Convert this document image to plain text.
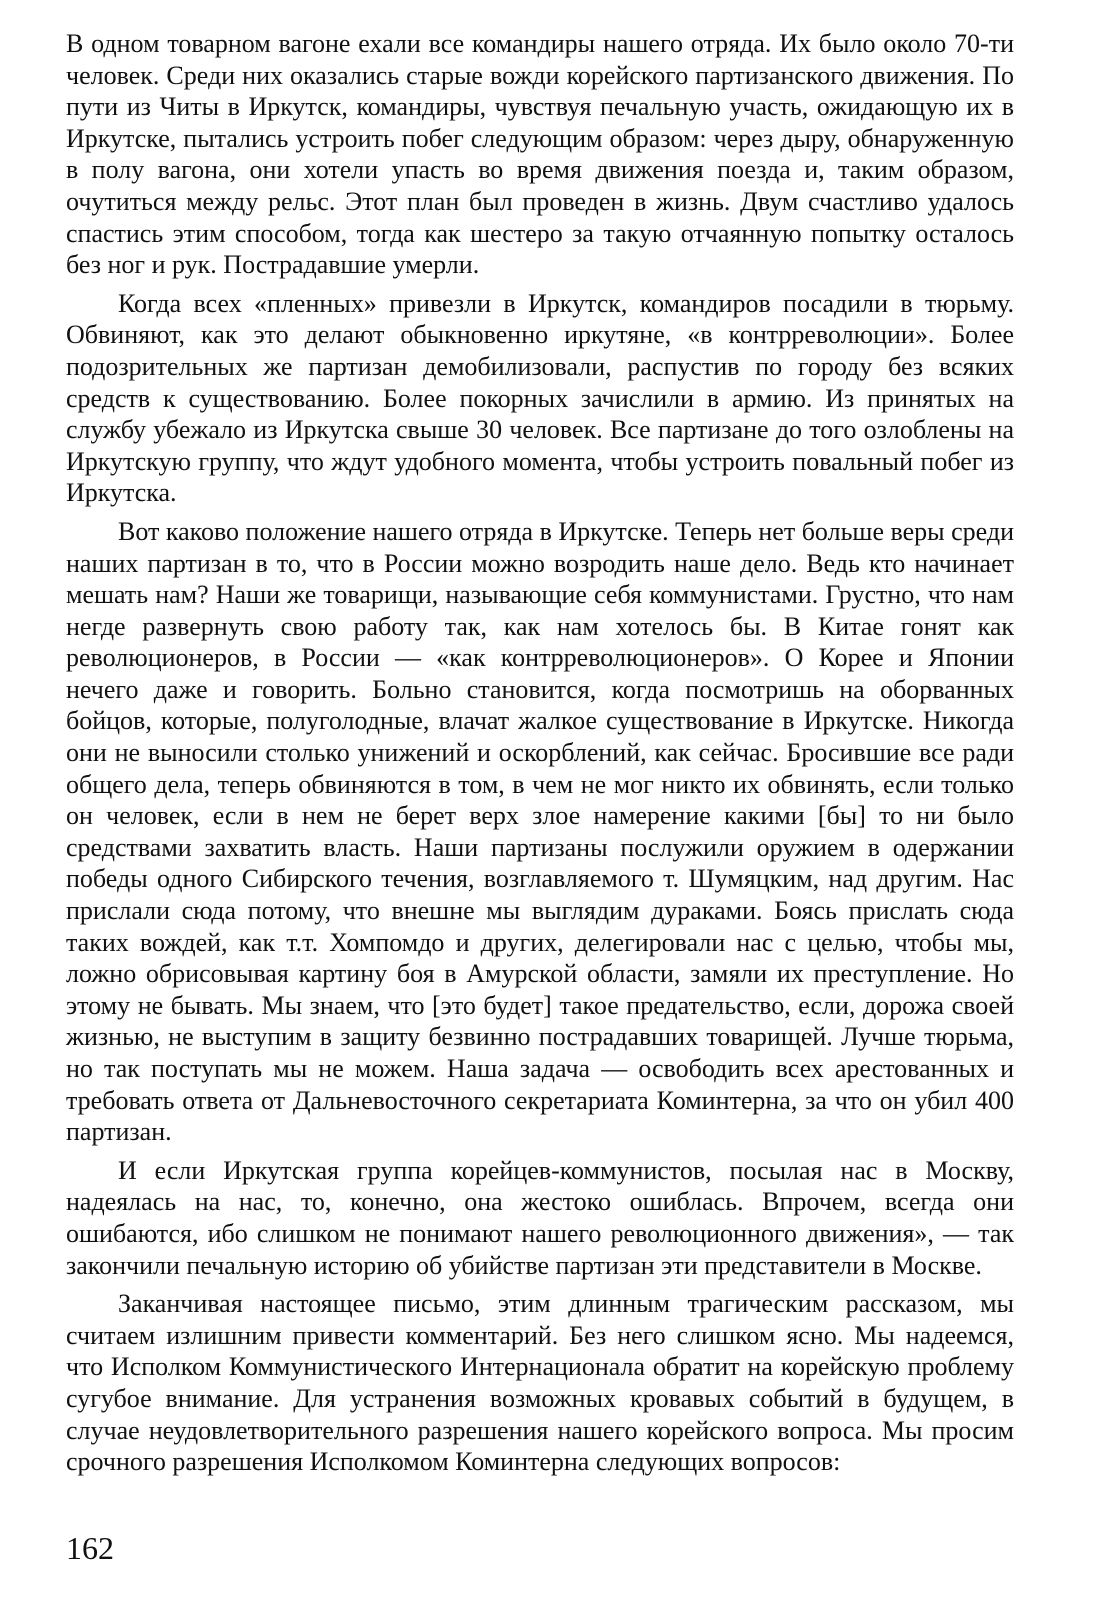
В одном товарном вагоне ехали все командиры нашего отряда. Их было около 70-ти человек. Среди них оказались старые вожди корейского партизанского движения. По пути из Читы в Иркутск, командиры, чувствуя печальную участь, ожидающую их в Иркутске, пытались устроить побег следующим образом: через дыру, обнаруженную в полу вагона, они хотели упасть во время движения поезда и, таким образом, очутиться между рельс. Этот план был проведен в жизнь. Двум счастливо удалось спастись этим способом, тогда как шестеро за такую отчаянную попытку осталось без ног и рук. Пострадавшие умерли.

Когда всех «пленных» привезли в Иркутск, командиров посадили в тюрьму. Обвиняют, как это делают обыкновенно иркутяне, «в контрреволюции». Более подозрительных же партизан демобилизовали, распустив по городу без всяких средств к существованию. Более покорных зачислили в армию. Из принятых на службу убежало из Иркутска свыше 30 человек. Все партизане до того озлоблены на Иркутскую группу, что ждут удобного момента, чтобы устроить повальный побег из Иркутска.

Вот каково положение нашего отряда в Иркутске. Теперь нет больше веры среди наших партизан в то, что в России можно возродить наше дело. Ведь кто начинает мешать нам? Наши же товарищи, называющие себя коммунистами. Грустно, что нам негде развернуть свою работу так, как нам хотелось бы. В Китае гонят как революционеров, в России — «как контрреволюционеров». О Корее и Японии нечего даже и говорить. Больно становится, когда посмотришь на оборванных бойцов, которые, полуголодные, влачат жалкое существование в Иркутске. Никогда они не выносили столько унижений и оскорблений, как сейчас. Бросившие все ради общего дела, теперь обвиняются в том, в чем не мог никто их обвинять, если только он человек, если в нем не берет верх злое намерение какими [бы] то ни было средствами захватить власть. Наши партизаны послужили оружием в одержании победы одного Сибирского течения, возглавляемого т. Шумяцким, над другим. Нас прислали сюда потому, что внешне мы выглядим дураками. Боясь прислать сюда таких вождей, как т.т. Хомпомдо и других, делегировали нас с целью, чтобы мы, ложно обрисовывая картину боя в Амурской области, замяли их преступление. Но этому не бывать. Мы знаем, что [это будет] такое предательство, если, дорожа своей жизнью, не выступим в защиту безвинно пострадавших товарищей. Лучше тюрьма, но так поступать мы не можем. Наша задача — освободить всех арестованных и требовать ответа от Дальневосточного секретариата Коминтерна, за что он убил 400 партизан.

И если Иркутская группа корейцев-коммунистов, посылая нас в Москву, надеялась на нас, то, конечно, она жестоко ошиблась. Впрочем, всегда они ошибаются, ибо слишком не понимают нашего революционного движения», — так закончили печальную историю об убийстве партизан эти представители в Москве.

Заканчивая настоящее письмо, этим длинным трагическим рассказом, мы считаем излишним привести комментарий. Без него слишком ясно. Мы надеемся, что Исполком Коммунистического Интернационала обратит на корейскую проблему сугубое внимание. Для устранения возможных кровавых событий в будущем, в случае неудовлетворительного разрешения нашего корейского вопроса. Мы просим срочного разрешения Исполкомом Коминтерна следующих вопросов:

162
